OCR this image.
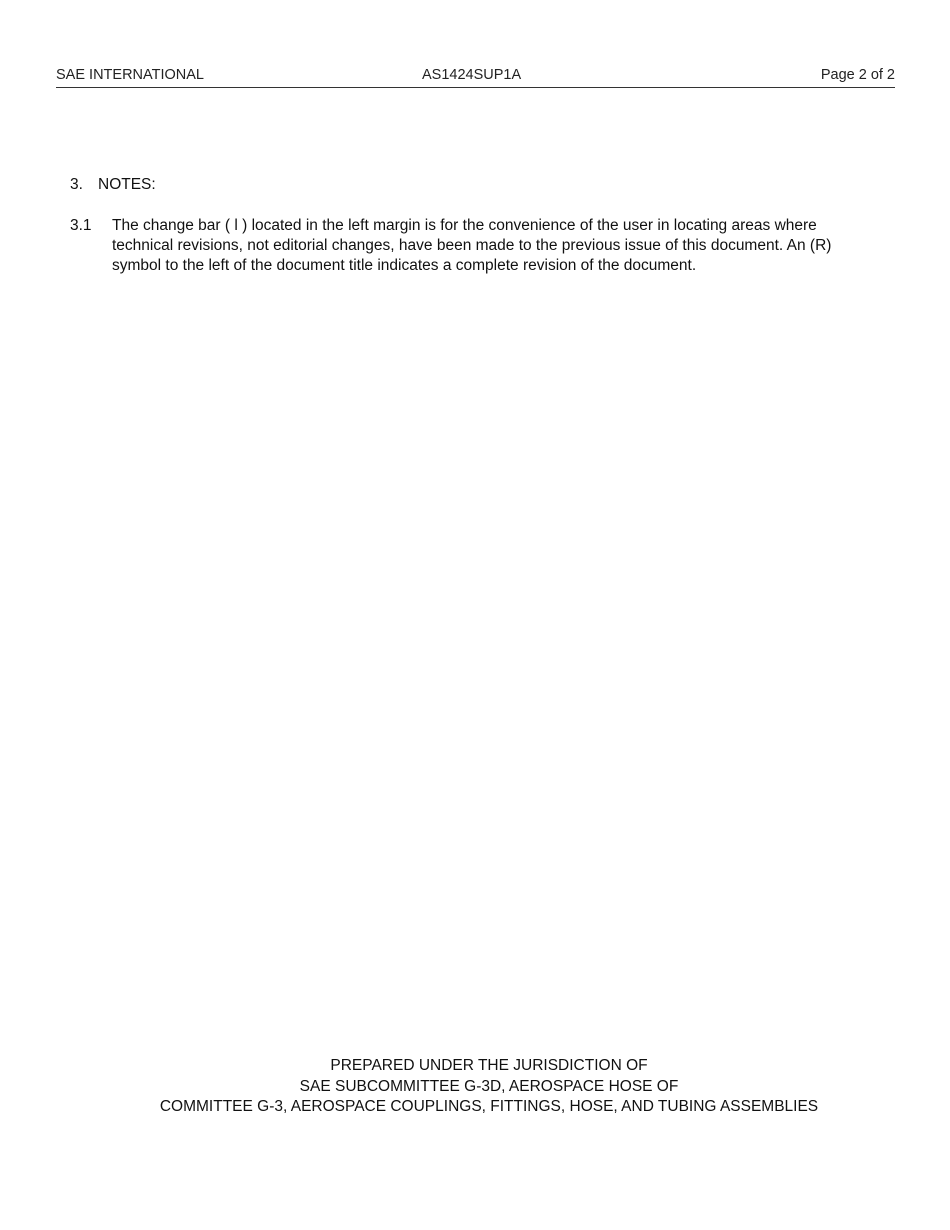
SAE INTERNATIONAL	AS1424SUP1A	Page 2 of 2
3. NOTES:
3.1 The change bar ( l ) located in the left margin is for the convenience of the user in locating areas where technical revisions, not editorial changes, have been made to the previous issue of this document. An (R) symbol to the left of the document title indicates a complete revision of the document.

PREPARED UNDER THE JURISDICTION OF
SAE SUBCOMMITTEE G-3D, AEROSPACE HOSE OF
COMMITTEE G-3, AEROSPACE COUPLINGS, FITTINGS, HOSE, AND TUBING ASSEMBLIES
